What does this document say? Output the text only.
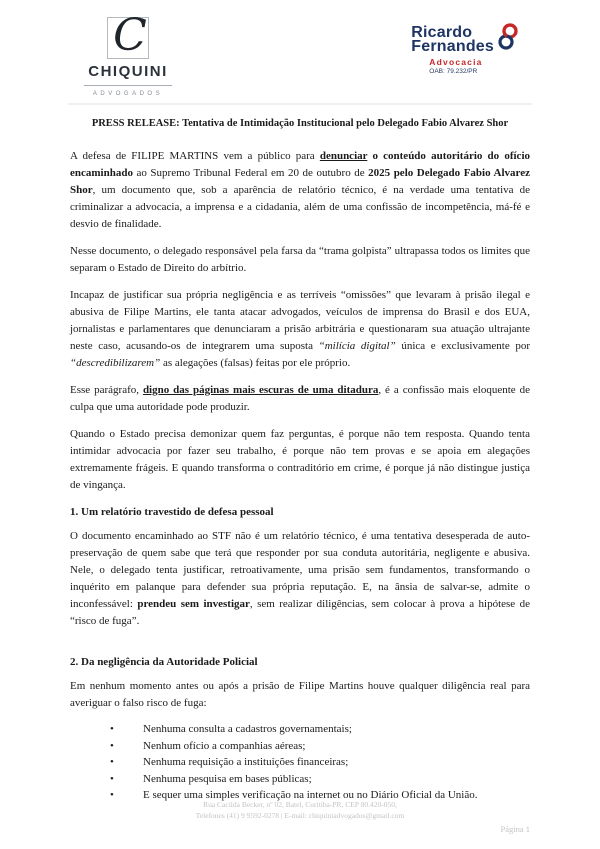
C
CHIQUINI
ADVOGADOS
Ricardo
Fernandes
Advocacia
OAB: 79.232/PR
PRESS RELEASE: Tentativa de Intimidação Institucional pelo Delegado Fabio Alvarez Shor

A defesa de FILIPE MARTINS vem a público para denunciar o conteúdo autoritário do ofício encaminhado ao Supremo Tribunal Federal em 20 de outubro de 2025 pelo Delegado Fabio Alvarez Shor, um documento que, sob a aparência de relatório técnico, é na verdade uma tentativa de criminalizar a advocacia, a imprensa e a cidadania, além de uma confissão de incompetência, má-fé e desvio de finalidade.

Nesse documento, o delegado responsável pela farsa da “trama golpista” ultrapassa todos os limites que separam o Estado de Direito do arbítrio.

Incapaz de justificar sua própria negligência e as terríveis “omissões” que levaram à prisão ilegal e abusiva de Filipe Martins, ele tanta atacar advogados, veículos de imprensa do Brasil e dos EUA, jornalistas e parlamentares que denunciaram a prisão arbitrária e questionaram sua atuação ultrajante neste caso, acusando-os de integrarem uma suposta “milícia digital” única e exclusivamente por “descredibilizarem” as alegações (falsas) feitas por ele próprio.

Esse parágrafo, digno das páginas mais escuras de uma ditadura, é a confissão mais eloquente de culpa que uma autoridade pode produzir.

Quando o Estado precisa demonizar quem faz perguntas, é porque não tem resposta. Quando tenta intimidar advocacia por fazer seu trabalho, é porque não tem provas e se apoia em alegações extremamente frágeis. E quando transforma o contraditório em crime, é porque já não distingue justiça de vingança.

1. Um relatório travestido de defesa pessoal

O documento encaminhado ao STF não é um relatório técnico, é uma tentativa desesperada de auto-preservação de quem sabe que terá que responder por sua conduta autoritária, negligente e abusiva. Nele, o delegado tenta justificar, retroativamente, uma prisão sem fundamentos, transformando o inquérito em palanque para defender sua própria reputação. E, na ânsia de salvar-se, admite o inconfessável: prendeu sem investigar, sem realizar diligências, sem colocar à prova a hipótese de “risco de fuga”.

2. Da negligência da Autoridade Policial

Em nenhum momento antes ou após a prisão de Filipe Martins houve qualquer diligência real para averiguar o falso risco de fuga:

• Nenhuma consulta a cadastros governamentais;
• Nenhum ofício a companhias aéreas;
• Nenhuma requisição a instituições financeiras;
• Nenhuma pesquisa em bases públicas;
• E sequer uma simples verificação na internet ou no Diário Oficial da União.
Rua Cacilda Becker, nº 02, Batel, Curitiba-PR, CEP 80.420-050,
Telefones (41) 9 9592-0278 | E-mail: chiquiniadvogados@gmail.com
Página 1
